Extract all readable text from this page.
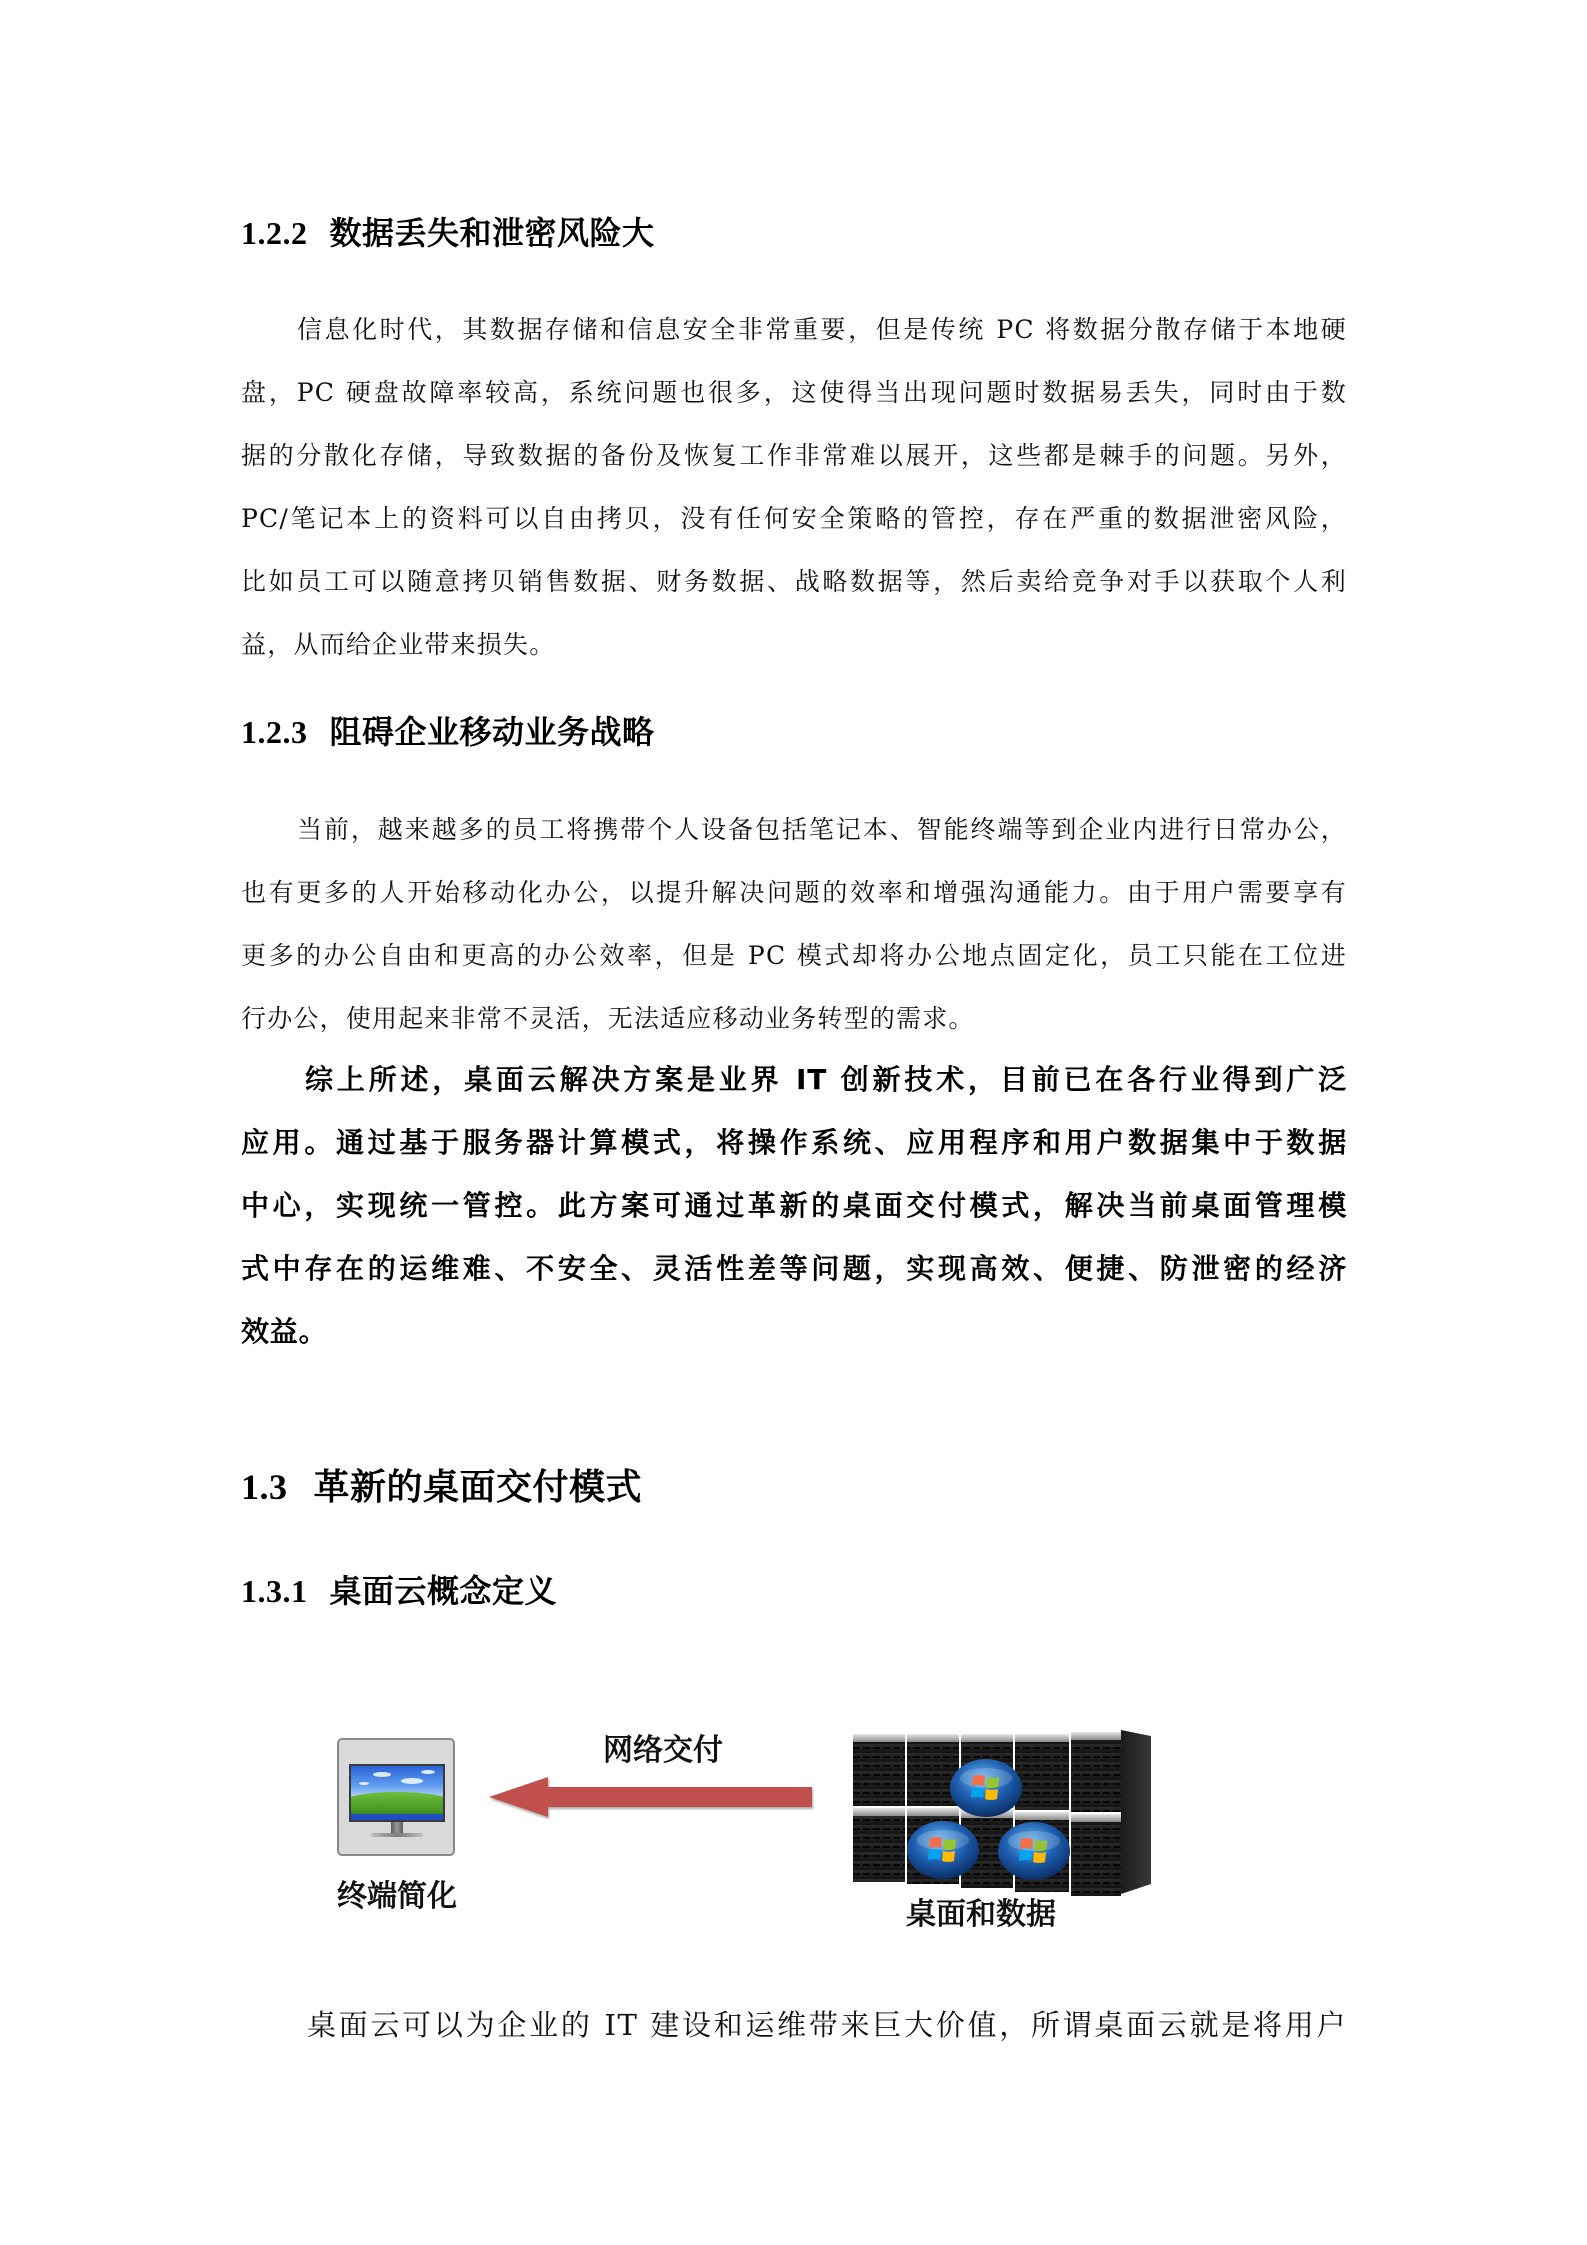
1.2.2 数据丢失和泄密风险大
信息化时代，其数据存储和信息安全非常重要，但是传统 PC 将数据分散存储于本地硬
盘，PC 硬盘故障率较高，系统问题也很多，这使得当出现问题时数据易丢失，同时由于数
据的分散化存储，导致数据的备份及恢复工作非常难以展开，这些都是棘手的问题。另外，
PC/笔记本上的资料可以自由拷贝，没有任何安全策略的管控，存在严重的数据泄密风险，
比如员工可以随意拷贝销售数据、财务数据、战略数据等，然后卖给竞争对手以获取个人利
益，从而给企业带来损失。
1.2.3 阻碍企业移动业务战略
当前，越来越多的员工将携带个人设备包括笔记本、智能终端等到企业内进行日常办公，
也有更多的人开始移动化办公，以提升解决问题的效率和增强沟通能力。由于用户需要享有
更多的办公自由和更高的办公效率，但是 PC 模式却将办公地点固定化，员工只能在工位进
行办公，使用起来非常不灵活，无法适应移动业务转型的需求。
综上所述，桌面云解决方案是业界 IT 创新技术，目前已在各行业得到广泛
应用。通过基于服务器计算模式，将操作系统、应用程序和用户数据集中于数据
中心，实现统一管控。此方案可通过革新的桌面交付模式，解决当前桌面管理模
式中存在的运维难、不安全、灵活性差等问题，实现高效、便捷、防泄密的经济
效益。
1.3 革新的桌面交付模式
1.3.1 桌面云概念定义
终端简化
网络交付
桌面和数据
桌面云可以为企业的 IT 建设和运维带来巨大价值，所谓桌面云就是将用户
